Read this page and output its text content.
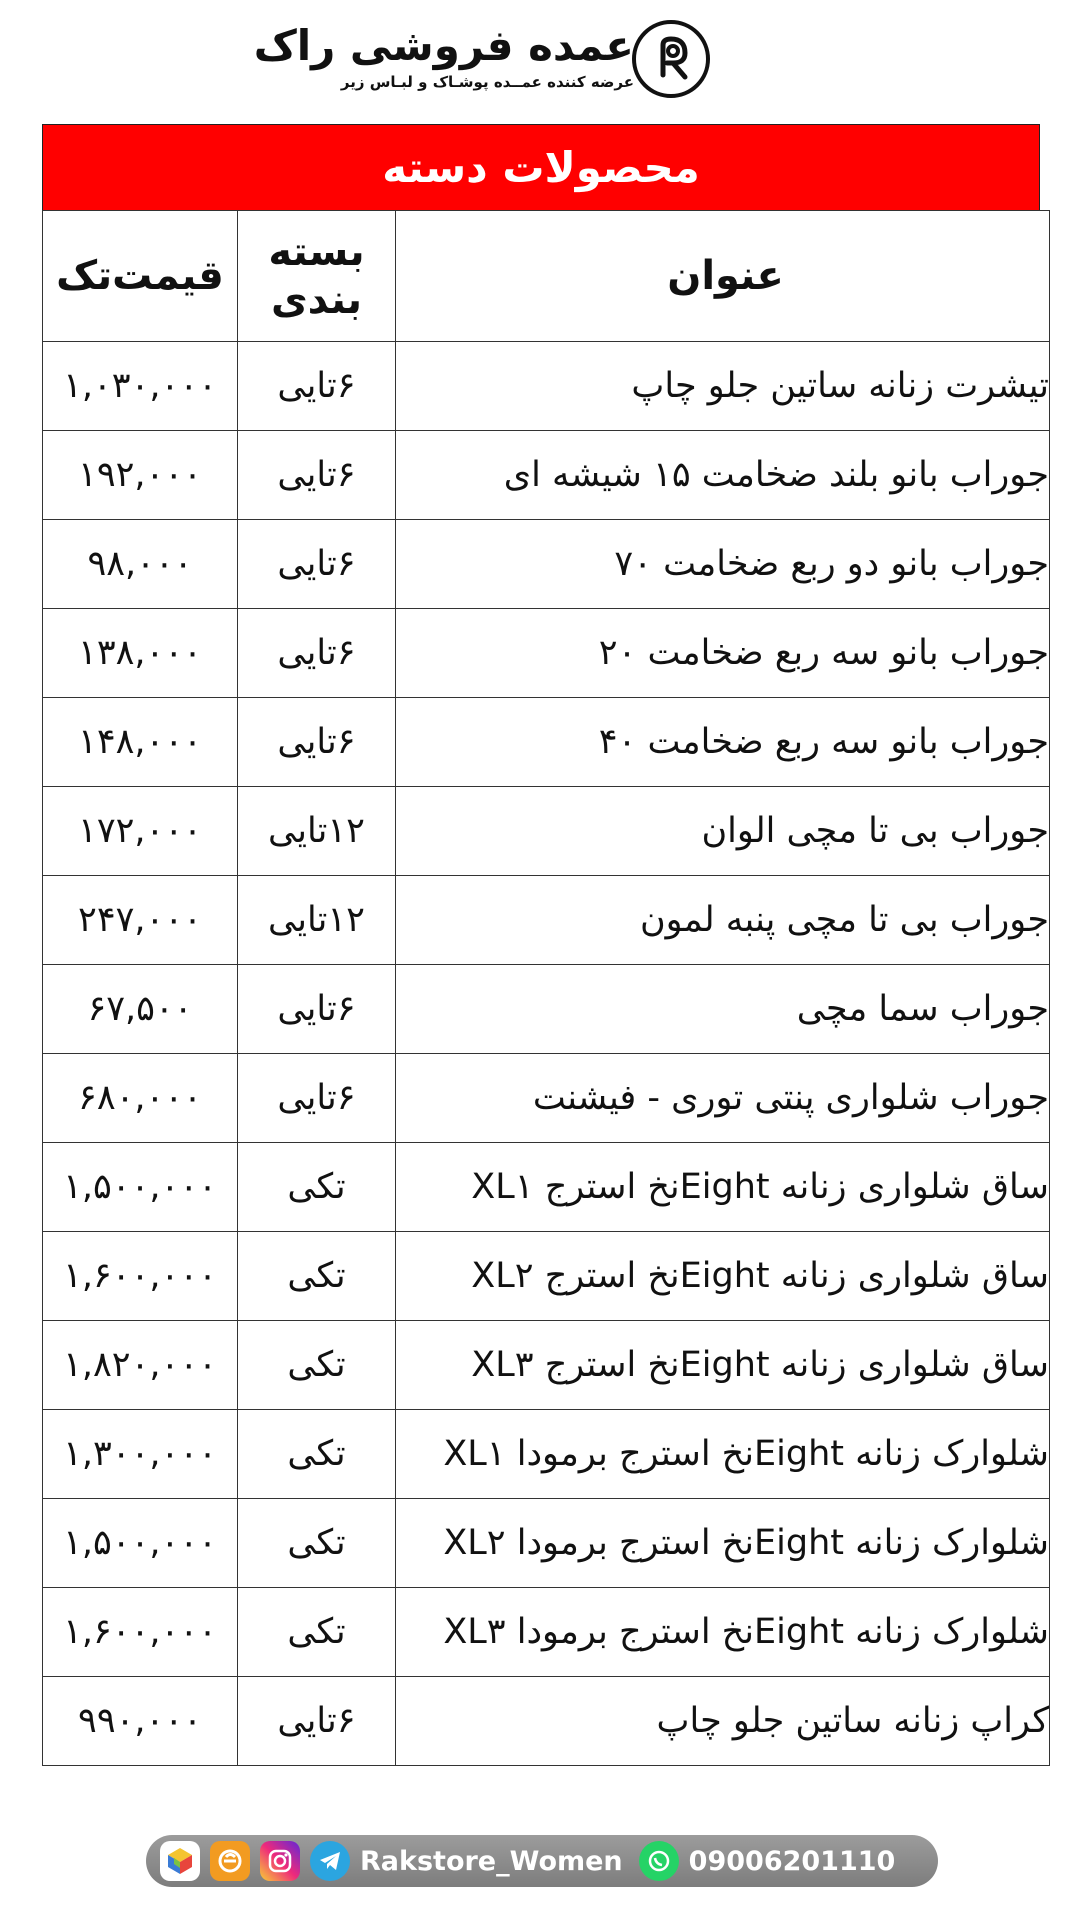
عمده فروشی راک
عرضه کننده عمــده پوشـاک و لبـاس زیر
محصولات دسته
عنوان	بسته بندی	قیمت‌تک
تیشرت زنانه ساتین جلو چاپ	۶تایی	۱,۰۳۰,۰۰۰
جوراب بانو بلند ضخامت ۱۵ شیشه ای	۶تایی	۱۹۲,۰۰۰
جوراب بانو دو ربع ضخامت ۷۰	۶تایی	۹۸,۰۰۰
جوراب بانو سه ربع ضخامت ۲۰	۶تایی	۱۳۸,۰۰۰
جوراب بانو سه ربع ضخامت ۴۰	۶تایی	۱۴۸,۰۰۰
جوراب بی تا مچی الوان	۱۲تایی	۱۷۲,۰۰۰
جوراب بی تا مچی پنبه لمون	۱۲تایی	۲۴۷,۰۰۰
جوراب سما مچی	۶تایی	۶۷,۵۰۰
جوراب شلواری پنتی توری - فیشنت	۶تایی	۶۸۰,۰۰۰
ساق شلواری زنانه Eightنخ استرج XL۱	تکی	۱,۵۰۰,۰۰۰
ساق شلواری زنانه Eightنخ استرج XL۲	تکی	۱,۶۰۰,۰۰۰
ساق شلواری زنانه Eightنخ استرج XL۳	تکی	۱,۸۲۰,۰۰۰
شلوارک زنانه Eightنخ استرج برمودا XL۱	تکی	۱,۳۰۰,۰۰۰
شلوارک زنانه Eightنخ استرج برمودا XL۲	تکی	۱,۵۰۰,۰۰۰
شلوارک زنانه Eightنخ استرج برمودا XL۳	تکی	۱,۶۰۰,۰۰۰
کراپ زنانه ساتین جلو چاپ	۶تایی	۹۹۰,۰۰۰
Rakstore_Women 09006201110
